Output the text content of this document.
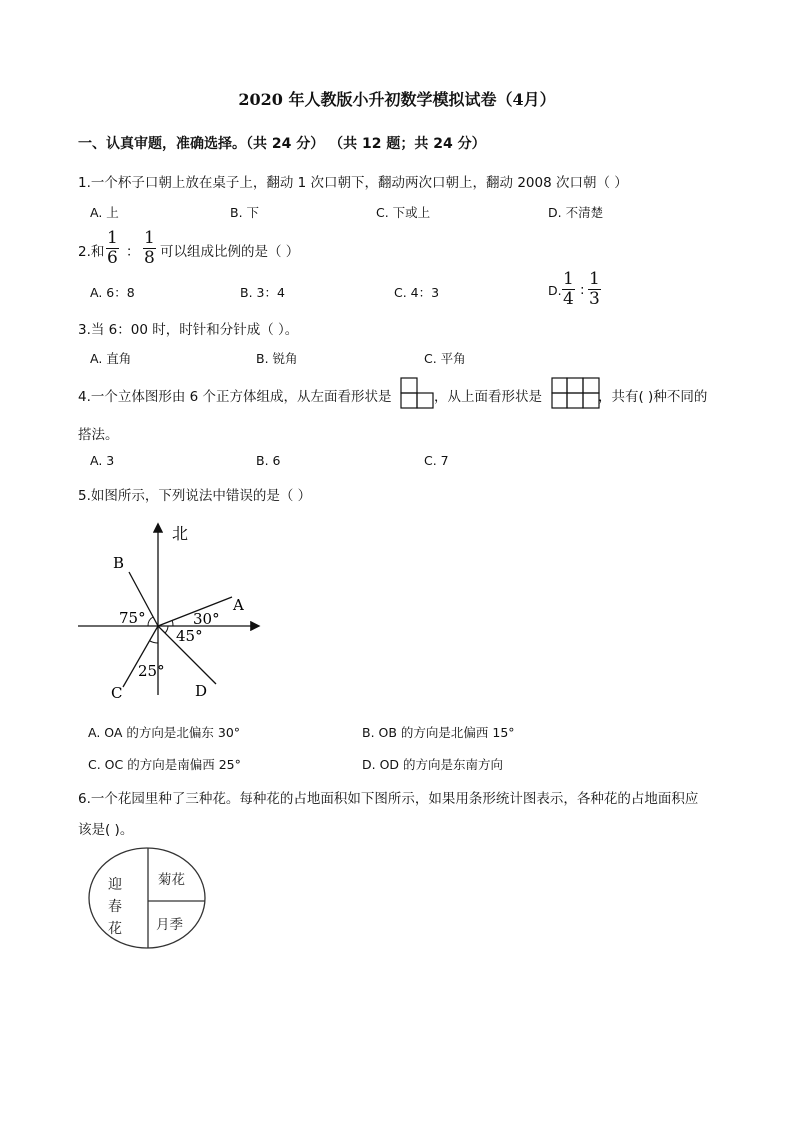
2020 年人教版小升初数学模拟试卷（4月）
一、认真审题，准确选择。（共 24 分） （共 12 题；共 24 分）
1.一个杯子口朝上放在桌子上，翻动 1 次口朝下，翻动两次口朝上，翻动 2008 次口朝（ ）
A. 上	B. 下	C. 下或上	D. 不清楚
2.和 $\frac{1}{6}$ ： $\frac{1}{8}$ 可以组成比例的是（ ）
A. 6：8	B. 3：4	C. 4：3	D. $\frac{1}{4}$ : $\frac{1}{3}$
3.当 6：00 时，时针和分针成（ ）。
A. 直角	B. 锐角	C. 平角
4.一个立体图形由 6 个正方体组成，从左面看形状是	，从上面看形状是	，共有( )种不同的
搭法。
A. 3	B. 6	C. 7
5.如图所示，下列说法中错误的是（ ）
北
B
A
C	D
30°
75°
45°
25°
A. OA 的方向是北偏东 30°	B. OB 的方向是北偏西 15°
C. OC 的方向是南偏西 25°	D. OD 的方向是东南方向
6.一个花园里种了三种花。每种花的占地面积如下图所示，如果用条形统计图表示，各种花的占地面积应
该是( )。
迎 春 花
菊花
月季
